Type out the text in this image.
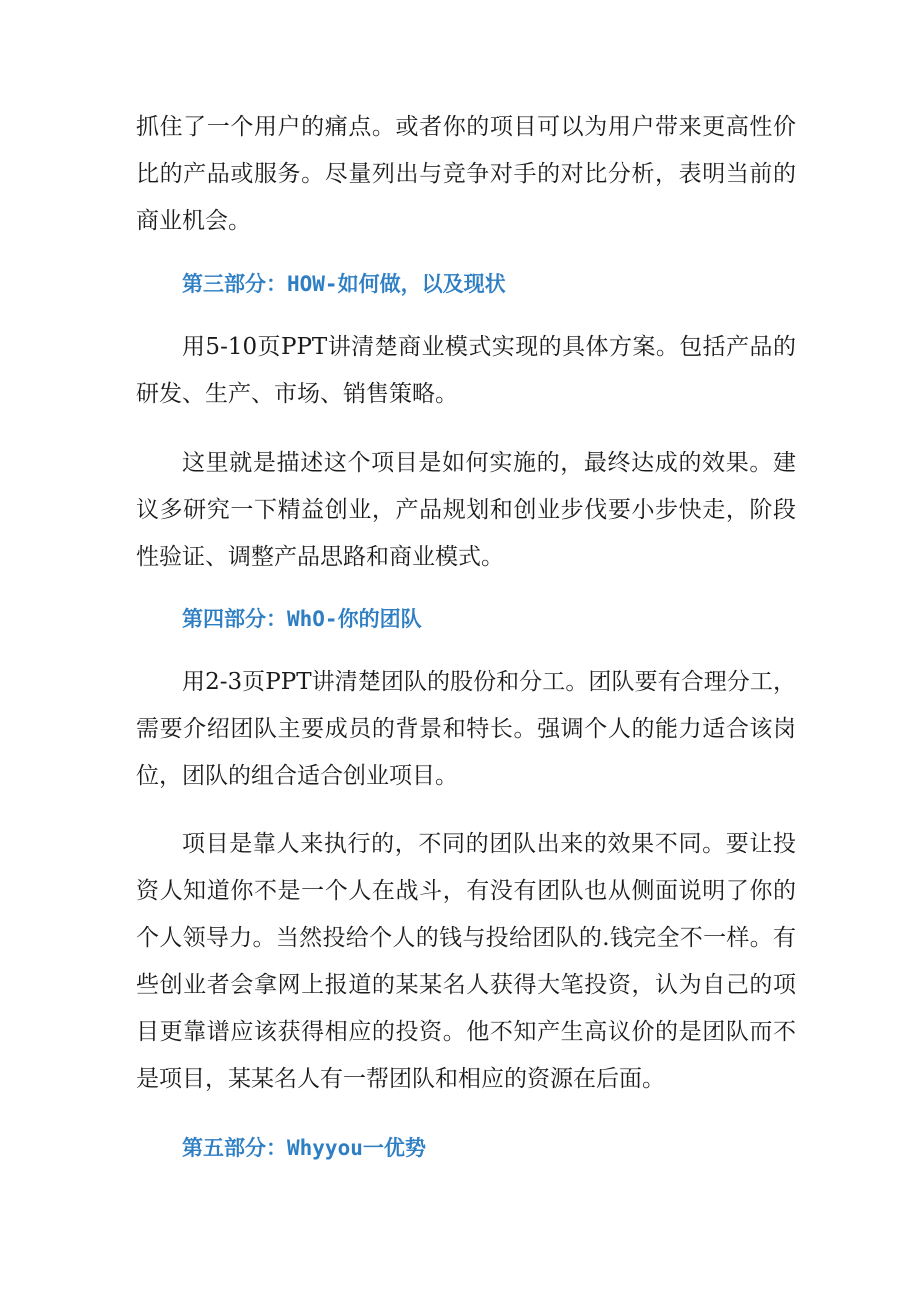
抓住了一个用户的痛点。或者你的项目可以为用户带来更高性价比的产品或服务。尽量列出与竞争对手的对比分析，表明当前的商业机会。

第三部分：HOW-如何做，以及现状

用5-10页PPT讲清楚商业模式实现的具体方案。包括产品的研发、生产、市场、销售策略。

这里就是描述这个项目是如何实施的，最终达成的效果。建议多研究一下精益创业，产品规划和创业步伐要小步快走，阶段性验证、调整产品思路和商业模式。

第四部分：WhO-你的团队

用2-3页PPT讲清楚团队的股份和分工。团队要有合理分工，需要介绍团队主要成员的背景和特长。强调个人的能力适合该岗位，团队的组合适合创业项目。

项目是靠人来执行的，不同的团队出来的效果不同。要让投资人知道你不是一个人在战斗，有没有团队也从侧面说明了你的个人领导力。当然投给个人的钱与投给团队的.钱完全不一样。有些创业者会拿网上报道的某某名人获得大笔投资，认为自己的项目更靠谱应该获得相应的投资。他不知产生高议价的是团队而不是项目，某某名人有一帮团队和相应的资源在后面。

第五部分：Whyyou一优势
